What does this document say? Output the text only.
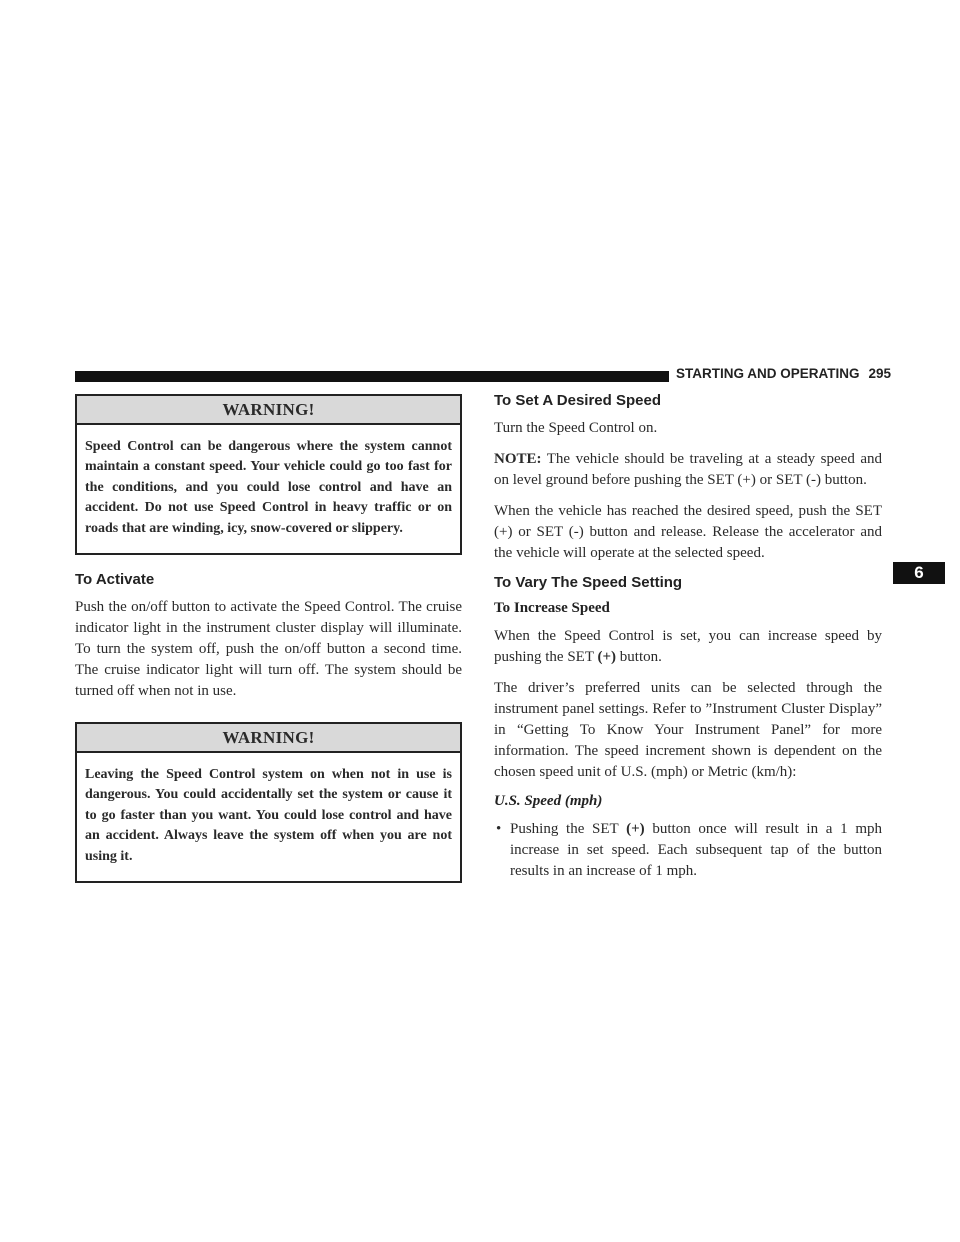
STARTING AND OPERATING 295
6
WARNING!
Speed Control can be dangerous where the system cannot maintain a constant speed. Your vehicle could go too fast for the conditions, and you could lose control and have an accident. Do not use Speed Control in heavy traffic or on roads that are winding, icy, snow-covered or slippery.
To Activate

Push the on/off button to activate the Speed Control. The cruise indicator light in the instrument cluster display will illuminate. To turn the system off, push the on/off button a second time. The cruise indicator light will turn off. The system should be turned off when not in use.

WARNING!
Leaving the Speed Control system on when not in use is dangerous. You could accidentally set the system or cause it to go faster than you want. You could lose control and have an accident. Always leave the system off when you are not using it.
To Set A Desired Speed

Turn the Speed Control on.

NOTE: The vehicle should be traveling at a steady speed and on level ground before pushing the SET (+) or SET (-) button.

When the vehicle has reached the desired speed, push the SET (+) or SET (-) button and release. Release the accelerator and the vehicle will operate at the selected speed.

To Vary The Speed Setting
To Increase Speed

When the Speed Control is set, you can increase speed by pushing the SET (+) button.

The driver’s preferred units can be selected through the instrument panel settings. Refer to ”Instrument Cluster Display” in “Getting To Know Your Instrument Panel” for more information. The speed increment shown is dependent on the chosen speed unit of U.S. (mph) or Metric (km/h):

U.S. Speed (mph)
• Pushing the SET (+) button once will result in a 1 mph increase in set speed. Each subsequent tap of the button results in an increase of 1 mph.
